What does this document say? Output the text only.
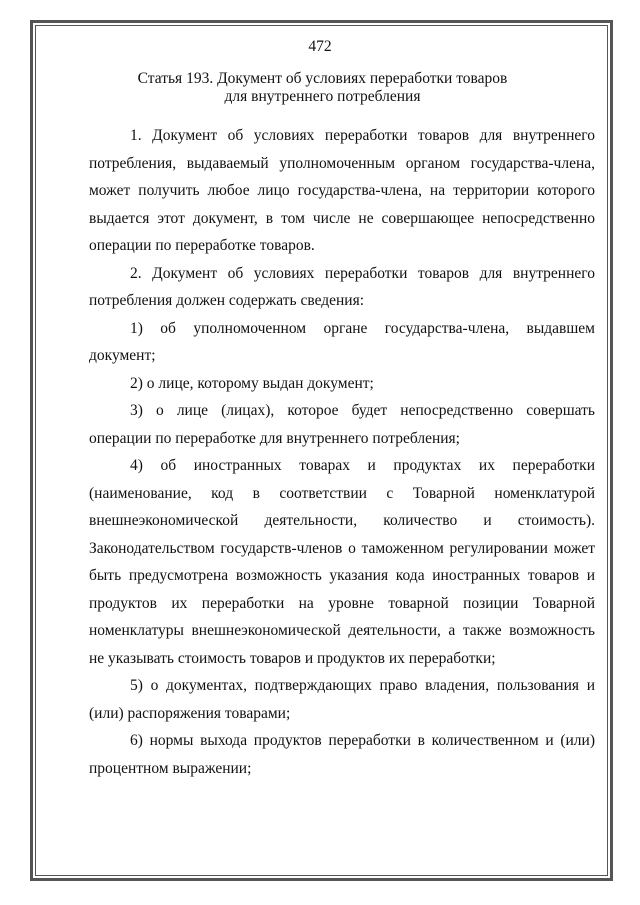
472
Статья 193. Документ об условиях переработки товаров
для внутреннего потребления

1. Документ об условиях переработки товаров для внутреннего потребления, выдаваемый уполномоченным органом государства-члена, может получить любое лицо государства-члена, на территории которого выдается этот документ, в том числе не совершающее непосредственно операции по переработке товаров.

2. Документ об условиях переработки товаров для внутреннего потребления должен содержать сведения:

1) об уполномоченном органе государства-члена, выдавшем документ;

2) о лице, которому выдан документ;

3) о лице (лицах), которое будет непосредственно совершать операции по переработке для внутреннего потребления;

4) об иностранных товарах и продуктах их переработки (наименование, код в соответствии с Товарной номенклатурой внешнеэкономической деятельности, количество и стоимость). Законодательством государств-членов о таможенном регулировании может быть предусмотрена возможность указания кода иностранных товаров и продуктов их переработки на уровне товарной позиции Товарной номенклатуры внешнеэкономической деятельности, а также возможность не указывать стоимость товаров и продуктов их переработки;

5) о документах, подтверждающих право владения, пользования и (или) распоряжения товарами;

6) нормы выхода продуктов переработки в количественном и (или) процентном выражении;
